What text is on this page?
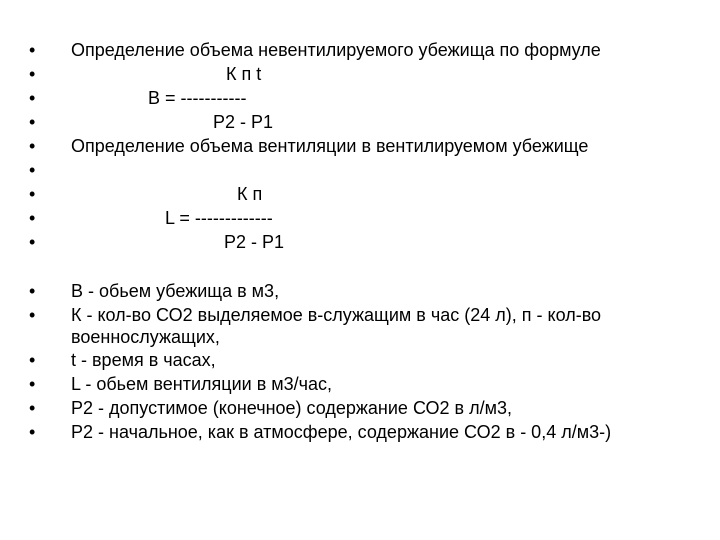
•	Определение объема невентилируемого убежища по формуле
•	К п t
•	В = -----------
•	Р2 - Р1
•	Определение объема вентиляции в вентилируемом убежище
•
•	К п
•	L = -------------
•	Р2 - Р1
•	В - обьем убежища в м3,
•	К - кол-во СО2 выделяемое в-служащим в час (24 л), п - кол-во
военнослужащих,
•	t - время в часах,
•	L - обьем вентиляции в м3/час,
•	Р2 - допустимое (конечное) содержание СО2 в л/м3,
•	Р2 - начальное, как в атмосфере, содержание СО2 в - 0,4 л/м3-)
